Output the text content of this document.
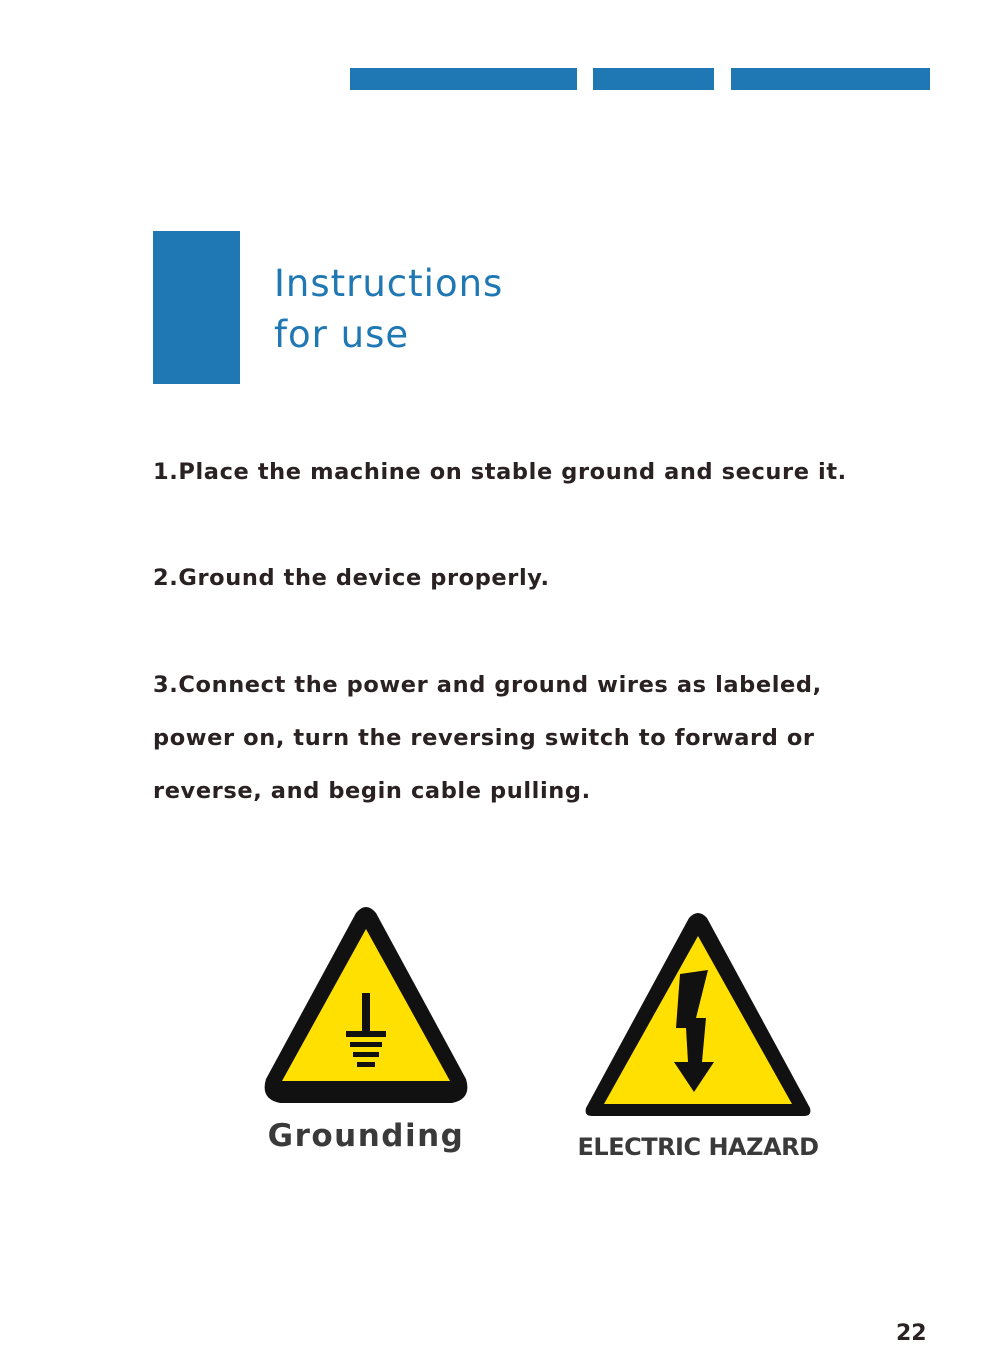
Instructions
for use
1.Place the machine on stable ground and secure it.
2.Ground the device properly.
3.Connect the power and ground wires as labeled,
power on, turn the reversing switch to forward or
reverse, and begin cable pulling.
Grounding	ELECTRIC HAZARD
22
